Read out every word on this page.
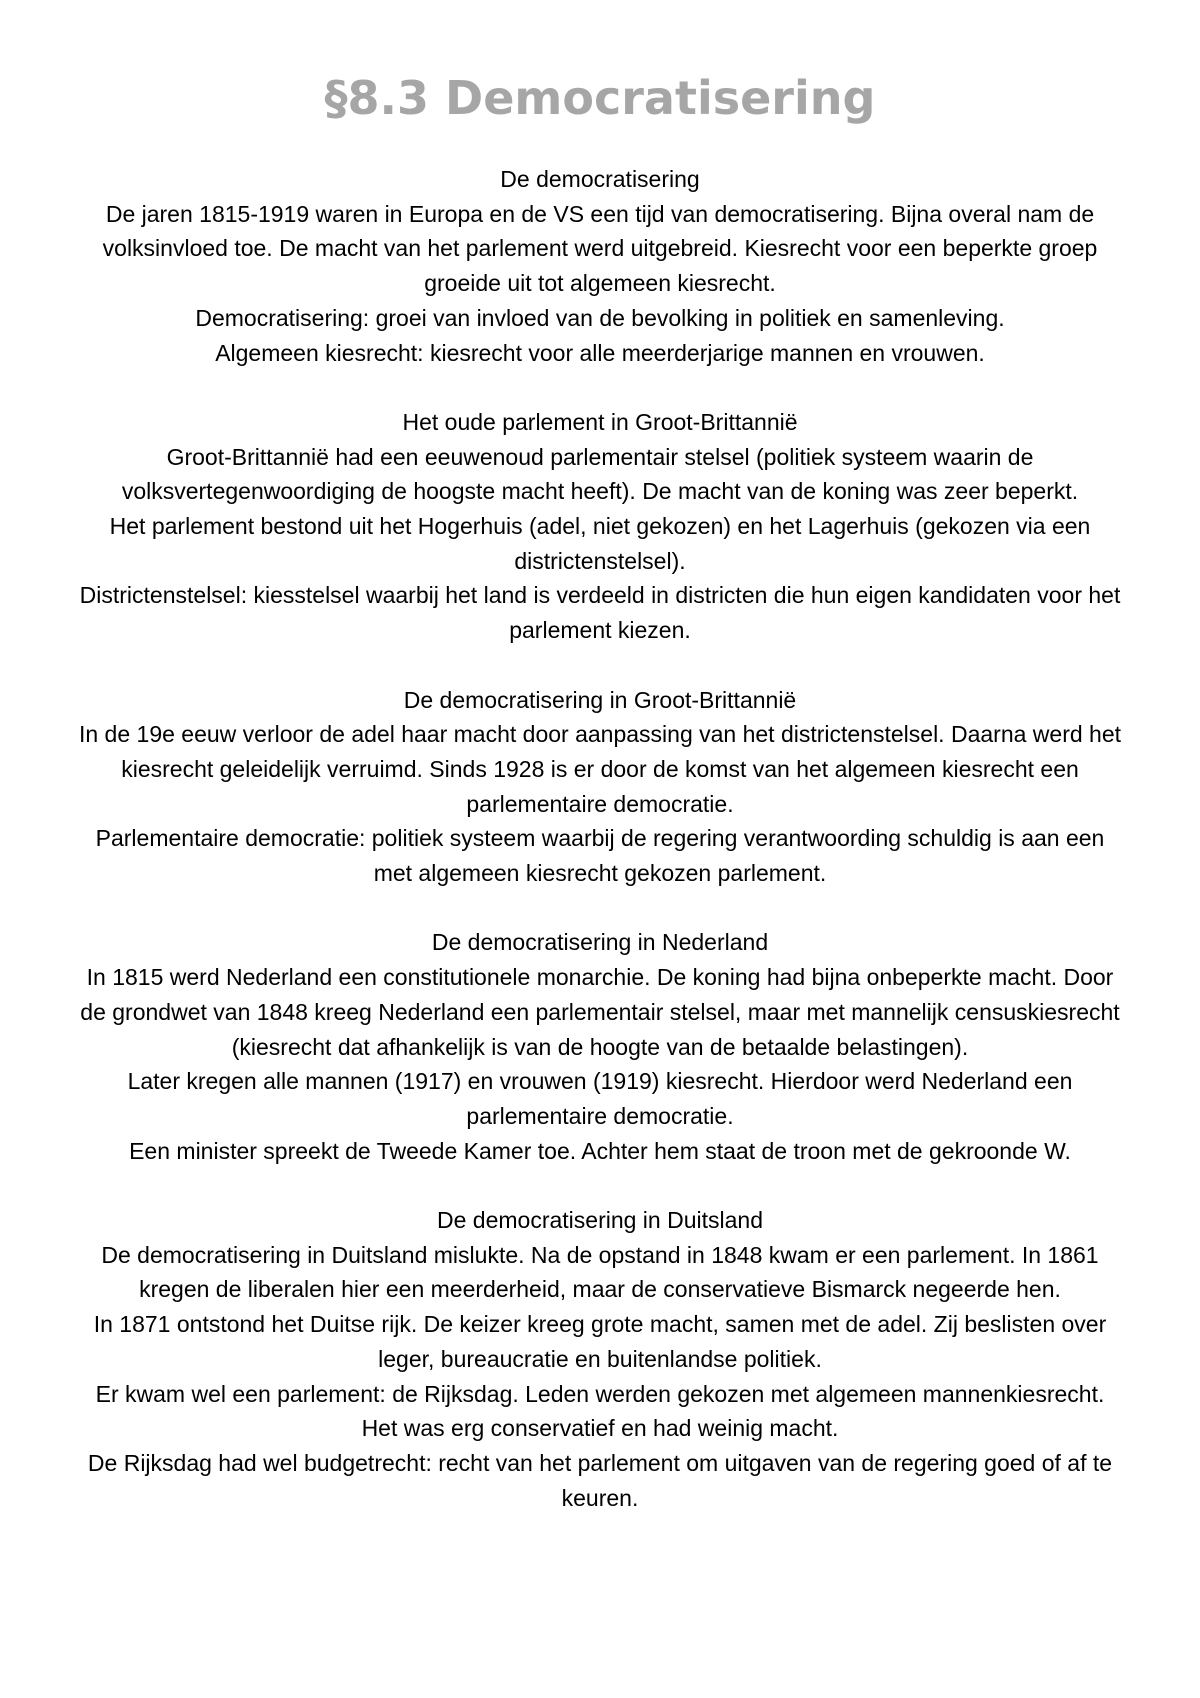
§8.3 Democratisering

De democratisering

De jaren 1815-1919 waren in Europa en de VS een tijd van democratisering. Bijna overal nam de volksinvloed toe. De macht van het parlement werd uitgebreid. Kiesrecht voor een beperkte groep groeide uit tot algemeen kiesrecht.

Democratisering: groei van invloed van de bevolking in politiek en samenleving.

Algemeen kiesrecht: kiesrecht voor alle meerderjarige mannen en vrouwen.

Het oude parlement in Groot-Brittannië

Groot-Brittannië had een eeuwenoud parlementair stelsel (politiek systeem waarin de volksvertegenwoordiging de hoogste macht heeft). De macht van de koning was zeer beperkt.

Het parlement bestond uit het Hogerhuis (adel, niet gekozen) en het Lagerhuis (gekozen via een districtenstelsel).

Districtenstelsel: kiesstelsel waarbij het land is verdeeld in districten die hun eigen kandidaten voor het parlement kiezen.

De democratisering in Groot-Brittannië

In de 19e eeuw verloor de adel haar macht door aanpassing van het districtenstelsel. Daarna werd het kiesrecht geleidelijk verruimd. Sinds 1928 is er door de komst van het algemeen kiesrecht een parlementaire democratie.

Parlementaire democratie: politiek systeem waarbij de regering verantwoording schuldig is aan een met algemeen kiesrecht gekozen parlement.

De democratisering in Nederland

In 1815 werd Nederland een constitutionele monarchie. De koning had bijna onbeperkte macht. Door de grondwet van 1848 kreeg Nederland een parlementair stelsel, maar met mannelijk censuskiesrecht (kiesrecht dat afhankelijk is van de hoogte van de betaalde belastingen).

Later kregen alle mannen (1917) en vrouwen (1919) kiesrecht. Hierdoor werd Nederland een parlementaire democratie.

Een minister spreekt de Tweede Kamer toe. Achter hem staat de troon met de gekroonde W.

De democratisering in Duitsland

De democratisering in Duitsland mislukte. Na de opstand in 1848 kwam er een parlement. In 1861 kregen de liberalen hier een meerderheid, maar de conservatieve Bismarck negeerde hen.

In 1871 ontstond het Duitse rijk. De keizer kreeg grote macht, samen met de adel. Zij beslisten over leger, bureaucratie en buitenlandse politiek.

Er kwam wel een parlement: de Rijksdag. Leden werden gekozen met algemeen mannenkiesrecht. Het was erg conservatief en had weinig macht.

De Rijksdag had wel budgetrecht: recht van het parlement om uitgaven van de regering goed of af te keuren.
